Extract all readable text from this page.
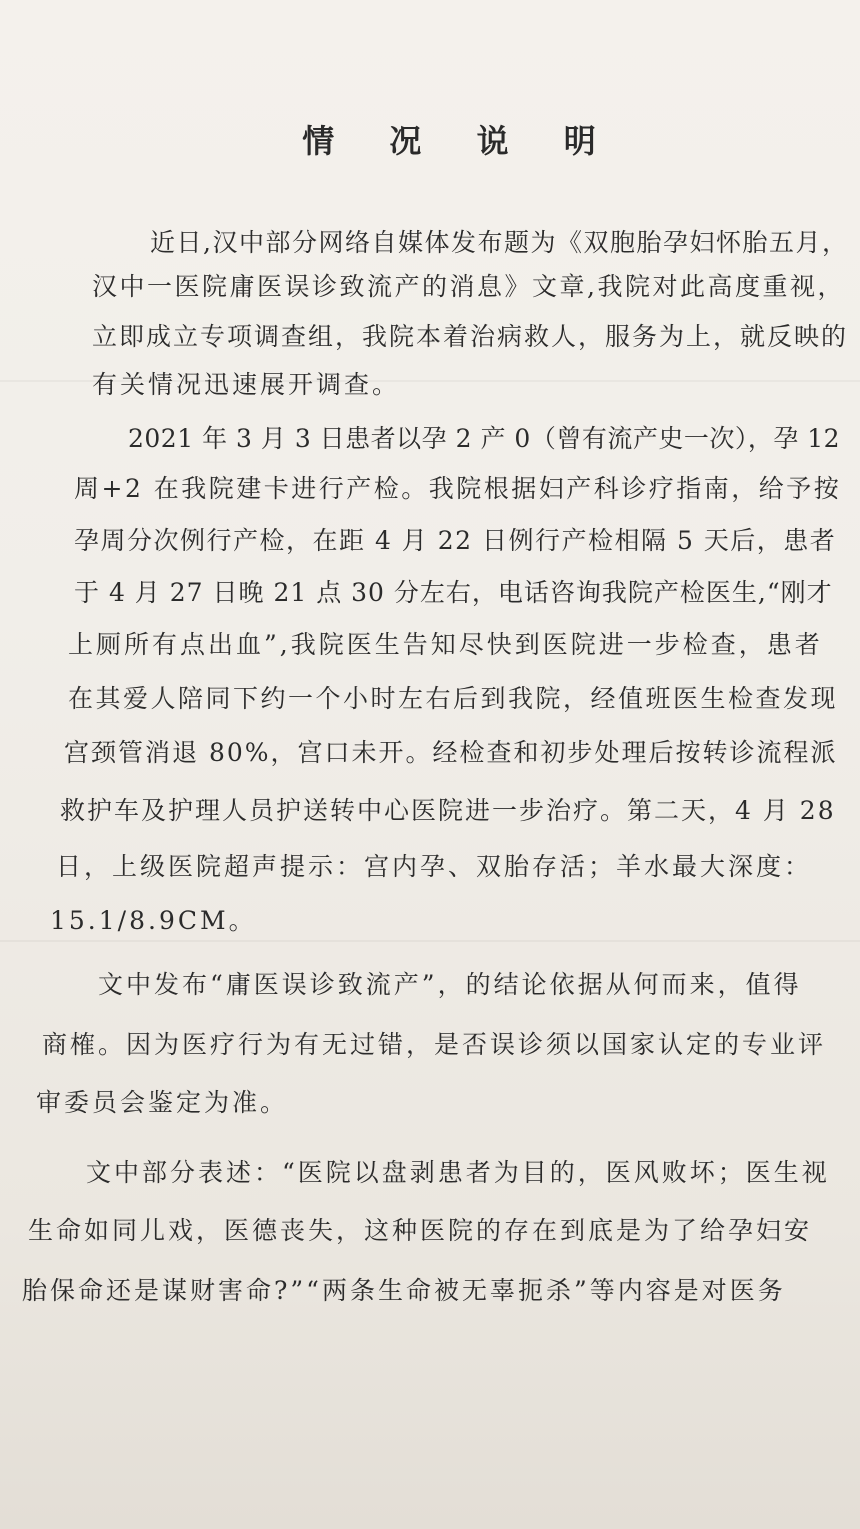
情 况 说 明
近日,汉中部分网络自媒体发布题为《双胞胎孕妇怀胎五月，
汉中一医院庸医误诊致流产的消息》文章,我院对此高度重视，
立即成立专项调查组，我院本着治病救人，服务为上，就反映的
有关情况迅速展开调查。
2021 年 3 月 3 日患者以孕 2 产 0（曾有流产史一次），孕 12
周+2 在我院建卡进行产检。我院根据妇产科诊疗指南，给予按
孕周分次例行产检，在距 4 月 22 日例行产检相隔 5 天后，患者
于 4 月 27 日晚 21 点 30 分左右，电话咨询我院产检医生,“刚才
上厕所有点出血”,我院医生告知尽快到医院进一步检查，患者
在其爱人陪同下约一个小时左右后到我院，经值班医生检查发现
宫颈管消退 80%，宫口未开。经检查和初步处理后按转诊流程派
救护车及护理人员护送转中心医院进一步治疗。第二天，4 月 28
日，上级医院超声提示：宫内孕、双胎存活；羊水最大深度：
15.1/8.9CM。
文中发布“庸医误诊致流产”，的结论依据从何而来，值得
商榷。因为医疗行为有无过错，是否误诊须以国家认定的专业评
审委员会鉴定为准。
文中部分表述：“医院以盘剥患者为目的，医风败坏；医生视
生命如同儿戏，医德丧失，这种医院的存在到底是为了给孕妇安
胎保命还是谋财害命?”“两条生命被无辜扼杀”等内容是对医务
